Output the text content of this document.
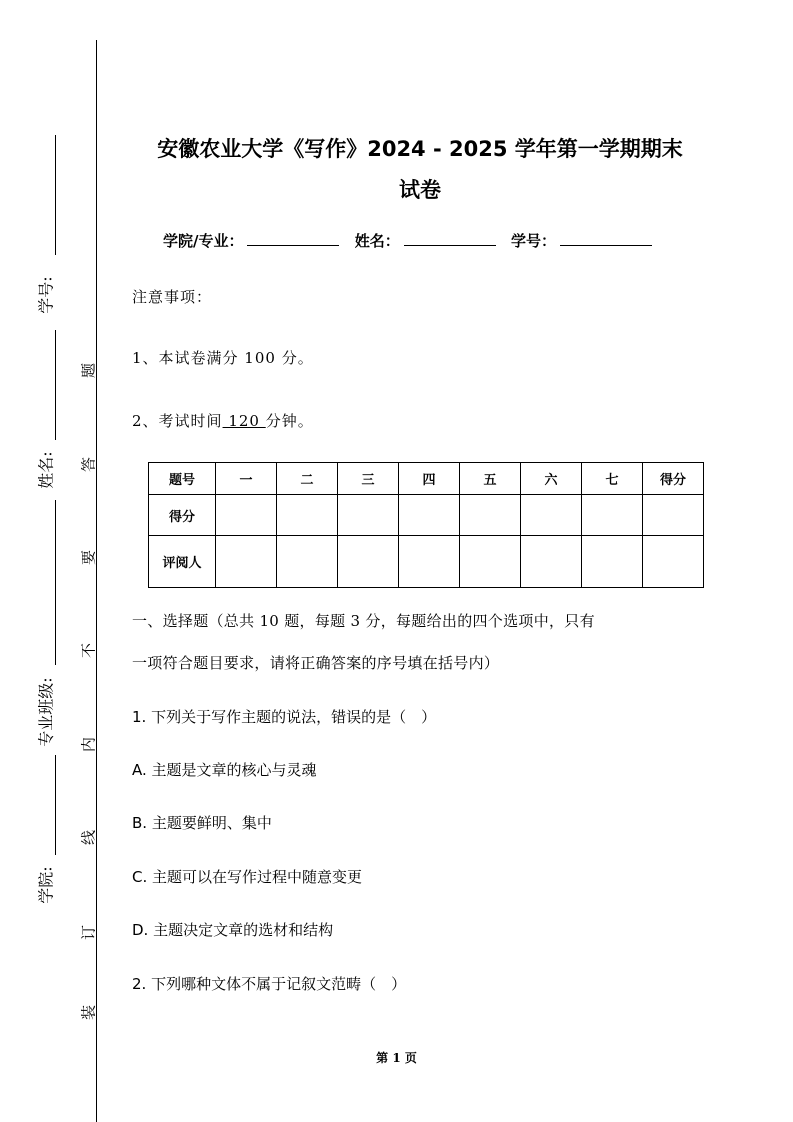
学号:
姓名:
专业班级:
学院:
题
答
要
不
内
线
订
装
安徽农业大学《写作》2024 - 2025 学年第一学期期末
试卷
学院/专业：	姓名：	学号：
注意事项：
1、本试卷满分 100 分。
2、考试时间 120 分钟。
题号	一	二	三	四	五	六	七	得分
得分								
评阅人								
一、选择题（总共 10 题，每题 3 分，每题给出的四个选项中，只有
一项符合题目要求，请将正确答案的序号填在括号内）
1. 下列关于写作主题的说法，错误的是（　）
A. 主题是文章的核心与灵魂
B. 主题要鲜明、集中
C. 主题可以在写作过程中随意变更
D. 主题决定文章的选材和结构
2. 下列哪种文体不属于记叙文范畴（　）
第 1 页
